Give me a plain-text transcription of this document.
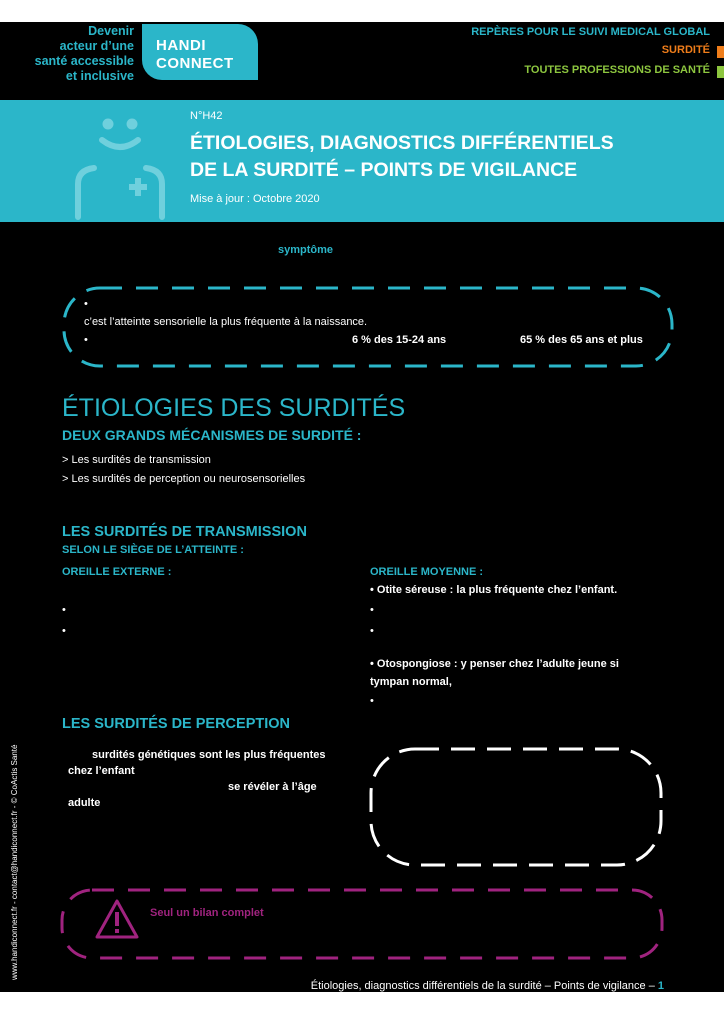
Devenir
acteur d’une
santé accessible
et inclusive
HANDI
CONNECT
REPÈRES POUR LE SUIVI MEDICAL GLOBAL
SURDITÉ
TOUTES PROFESSIONS DE SANTÉ
N°H42
ÉTIOLOGIES, DIAGNOSTICS DIFFÉRENTIELS
DE LA SURDITÉ – POINTS DE VIGILANCE
Mise à jour : Octobre 2020
symptôme
•
c’est l’atteinte sensorielle la plus fréquente à la naissance.
•	6 % des 15-24 ans	65 % des 65 ans et plus
ÉTIOLOGIES DES SURDITÉS
DEUX GRANDS MÉCANISMES DE SURDITÉ :
> Les surdités de transmission
> Les surdités de perception ou neurosensorielles
LES SURDITÉS DE TRANSMISSION
SELON LE SIÈGE DE L’ATTEINTE :
OREILLE EXTERNE :
•
•
OREILLE MOYENNE :
• Otite séreuse : la plus fréquente chez l’enfant.
•
•
• Otospongiose : y penser chez l’adulte jeune si
tympan normal,
•
LES SURDITÉS DE PERCEPTION
surdités génétiques sont les plus fréquentes
chez l’enfant
se révéler à l’âge
adulte
Seul un bilan complet
www.handiconnect.fr - contact@handiconnect.fr - © CoActis Santé
Étiologies, diagnostics différentiels de la surdité – Points de vigilance – 1
